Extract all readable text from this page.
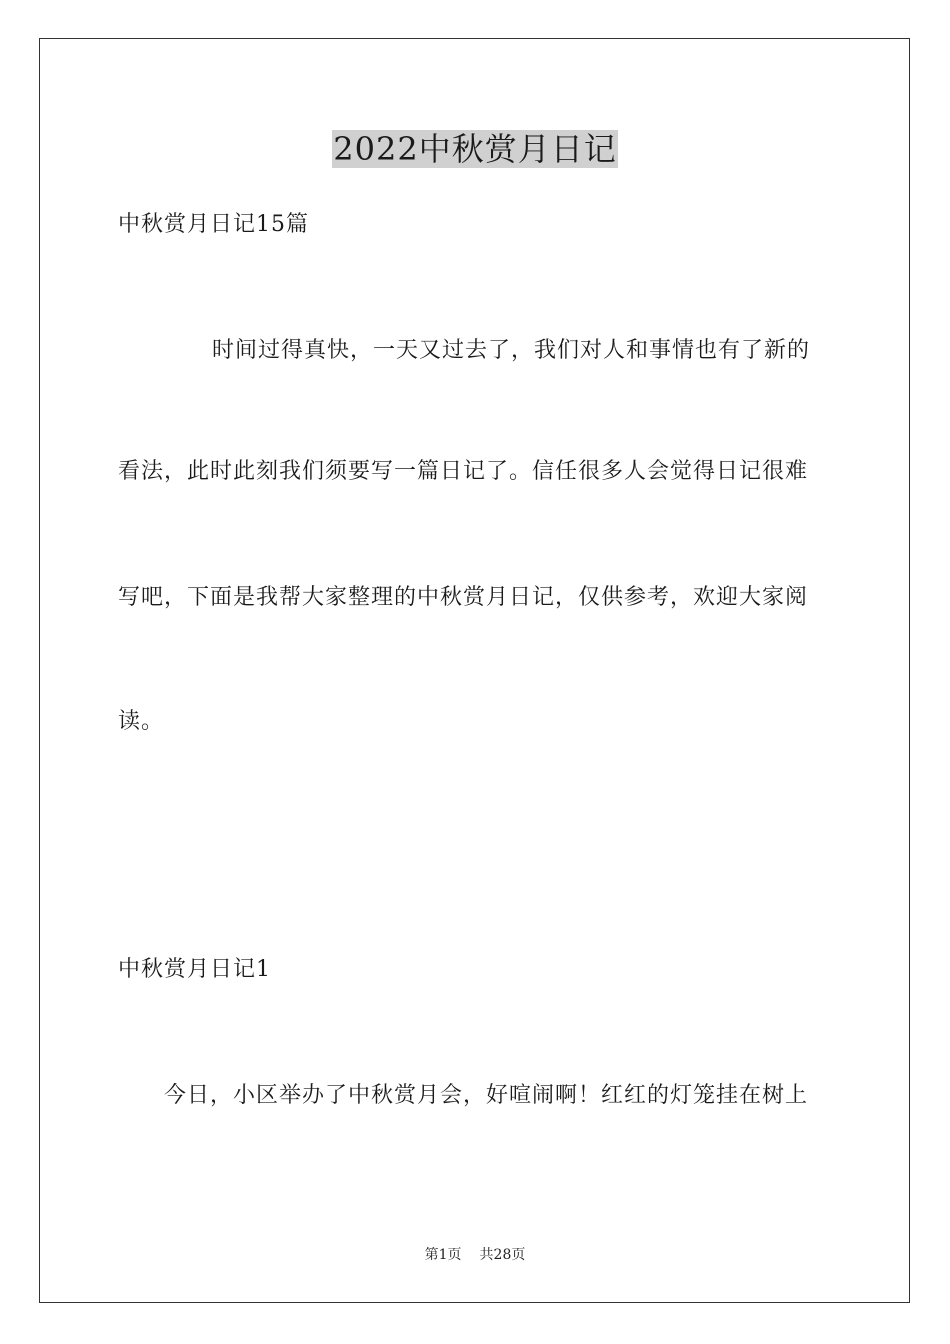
2022中秋赏月日记
中秋赏月日记15篇
时间过得真快，一天又过去了，我们对人和事情也有了新的
看法，此时此刻我们须要写一篇日记了。信任很多人会觉得日记很难
写吧，下面是我帮大家整理的中秋赏月日记，仅供参考，欢迎大家阅
读。
中秋赏月日记1
今日，小区举办了中秋赏月会，好喧闹啊！红红的灯笼挂在树上
第1页 共28页
